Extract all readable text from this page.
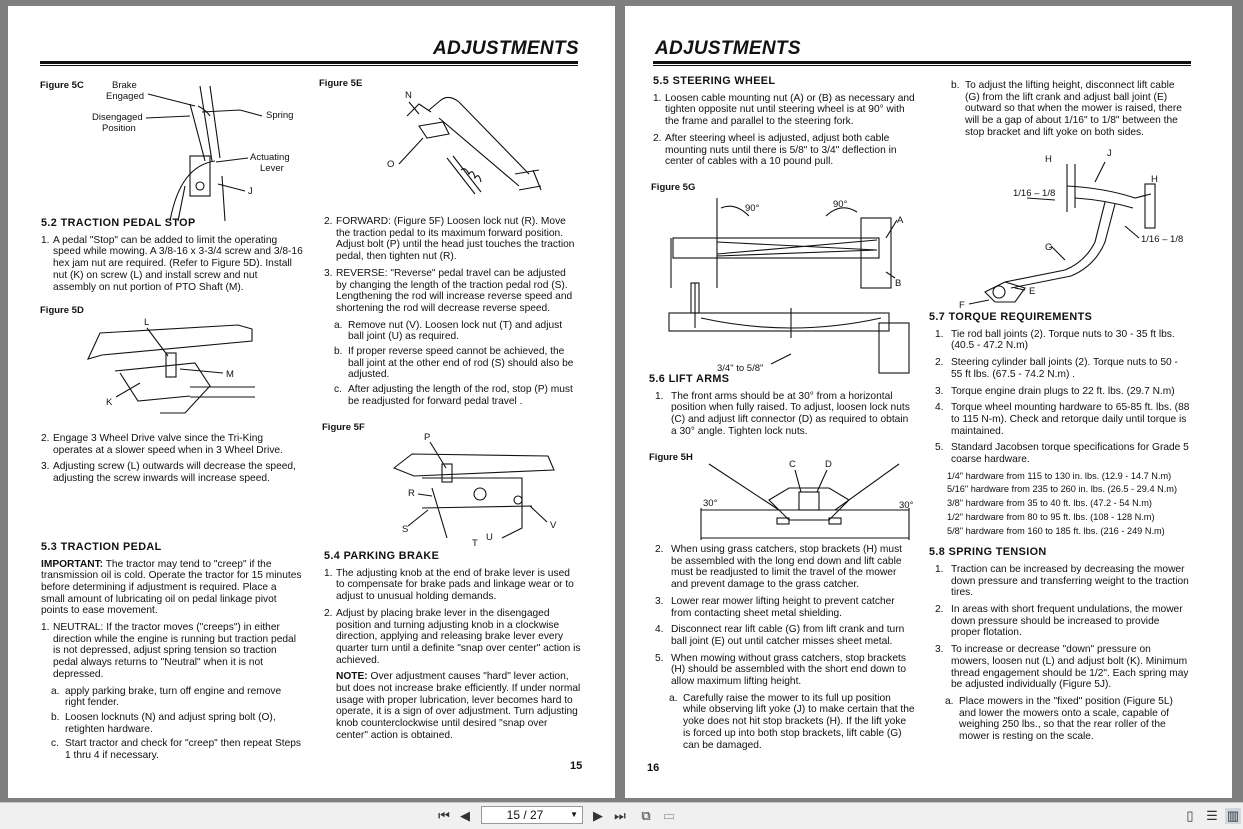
ADJUSTMENTS
Figure 5C	Brake
Engaged
Disengaged
Position
Spring
Actuating
Lever
J
5.2 TRACTION PEDAL STOP
1. A pedal "Stop" can be added to limit the operating speed while mowing. A 3/8-16 x 3-3/4 screw and 3/8-16 hex jam nut are required. (Refer to Figure 5D). Install nut (K) on screw (L) and install screw and nut assembly on nut portion of PTO Shaft (M).
Figure 5D
L
M
K
2. Engage 3 Wheel Drive valve since the Tri-King operates at a slower speed when in 3 Wheel Drive.
3. Adjusting screw (L) outwards will decrease the speed, adjusting the screw inwards will increase speed.
5.3 TRACTION PEDAL
IMPORTANT: The tractor may tend to "creep" if the transmission oil is cold. Operate the tractor for 15 minutes before determining if adjustment is required. Place a small amount of lubricating oil on pedal linkage pivot points to ease movement.
1. NEUTRAL: If the tractor moves ("creeps") in either direction while the engine is running but traction pedal is not depressed, adjust spring tension so traction pedal always returns to "Neutral" when it is not depressed.
a. apply parking brake, turn off engine and remove right fender.
b. Loosen locknuts (N) and adjust spring bolt (O), retighten hardware.
c. Start tractor and check for "creep" then repeat Steps 1 thru 4 if necessary.
Figure 5E
N
O
2. FORWARD: (Figure 5F) Loosen lock nut (R). Move the traction pedal to its maximum forward position. Adjust bolt (P) until the head just touches the traction pedal, then tighten nut (R).
3. REVERSE: "Reverse" pedal travel can be adjusted by changing the length of the traction pedal rod (S). Lengthening the rod will increase reverse speed and shortening the rod will decrease reverse speed.
a. Remove nut (V). Loosen lock nut (T) and adjust ball joint (U) as required.
b. If proper reverse speed cannot be achieved, the ball joint at the other end of rod (S) should also be adjusted.
c. After adjusting the length of the rod, stop (P) must be readjusted for forward pedal travel .
Figure 5F
P
R
S
T
U
V
5.4 PARKING BRAKE
1. The adjusting knob at the end of brake lever is used to compensate for brake pads and linkage wear or to adjust to unusual holding demands.
2. Adjust by placing brake lever in the disengaged position and turning adjusting knob in a clockwise direction, applying and releasing brake lever every quarter turn until a definite "snap over center" action is achieved.
NOTE: Over adjustment causes "hard" lever action, but does not increase brake efficiently. If under normal usage with proper lubrication, lever becomes hard to operate, it is a sign of over adjustment. Turn adjusting knob counterclockwise until desired "snap over center" action is obtained.
15
ADJUSTMENTS
5.5 STEERING WHEEL
1. Loosen cable mounting nut (A) or (B) as necessary and tighten opposite nut until steering wheel is at 90° with the frame and parallel to the steering fork.
2. After steering wheel is adjusted, adjust both cable mounting nuts until there is 5/8" to 3/4" deflection in center of cables with a 10 pound pull.
Figure 5G
90°	90°
A
B
3/4" to 5/8"
5.6 LIFT ARMS
1. The front arms should be at 30° from a horizontal position when fully raised. To adjust, loosen lock nuts (C) and adjust lift connector (D) as required to obtain a 30° angle. Tighten lock nuts.
Figure 5H
C	D
30°	30°
2. When using grass catchers, stop brackets (H) must be assembled with the long end down and lift cable must be readjusted to limit the travel of the mower and prevent damage to the grass catcher.
3. Lower rear mower lifting height to prevent catcher from contacting sheet metal shielding.
4. Disconnect rear lift cable (G) from lift crank and turn ball joint (E) out until catcher misses sheet metal.
5. When mowing without grass catchers, stop brackets (H) should be assembled with the short end down to allow maximum lifting height.
a. Carefully raise the mower to its full up position while observing lift yoke (J) to make certain that the yoke does not hit stop brackets (H). If the lift yoke is forced up into both stop brackets, lift cable (G) can be damaged.
b. To adjust the lifting height, disconnect lift cable (G) from the lift crank and adjust ball joint (E) outward so that when the mower is raised, there will be a gap of about 1/16" to 1/8" between the stop bracket and lift yoke on both sides.
H
J
H
1/16 – 1/8
1/16 – 1/8
G
E
F
5.7 TORQUE REQUIREMENTS
1. Tie rod ball joints (2). Torque nuts to 30 - 35 ft lbs. (40.5 - 47.2 N.m)
2. Steering cylinder ball joints (2). Torque nuts to 50 - 55 ft lbs. (67.5 - 74.2 N.m) .
3. Torque engine drain plugs to 22 ft. lbs. (29.7 N.m)
4. Torque wheel mounting hardware to 65-85 ft. lbs. (88 to 115 N-m). Check and retorque daily until torque is maintained.
5. Standard Jacobsen torque specifications for Grade 5 coarse hardware.
1/4" hardware from 115 to 130 in. lbs. (12.9 - 14.7 N.m)
5/16" hardware from 235 to 260 in. lbs. (26.5 - 29.4 N.m)
3/8" hardware from 35 to 40 ft. lbs. (47.2 - 54 N.m)
1/2" hardware from 80 to 95 ft. lbs. (108 - 128 N.m)
5/8" hardware from 160 to 185 ft. lbs. (216 - 249 N.m)
5.8 SPRING TENSION
1. Traction can be increased by decreasing the mower down pressure and transferring weight to the traction tires.
2. In areas with short frequent undulations, the mower down pressure should be increased to provide proper flotation.
3. To increase or decrease "down" pressure on mowers, loosen nut (L) and adjust bolt (K). Minimum thread engagement should be 1/2". Each spring may be adjusted individually (Figure 5J).
a. Place mowers in the "fixed" position (Figure 5L) and lower the mowers onto a scale, capable of weighing 250 lbs., so that the rear roller of the mower is resting on the scale.
16
⏮ ◀	15 / 27	▼ ▶ ⏭ ⧉ ▭	▯ ☰ ▥
